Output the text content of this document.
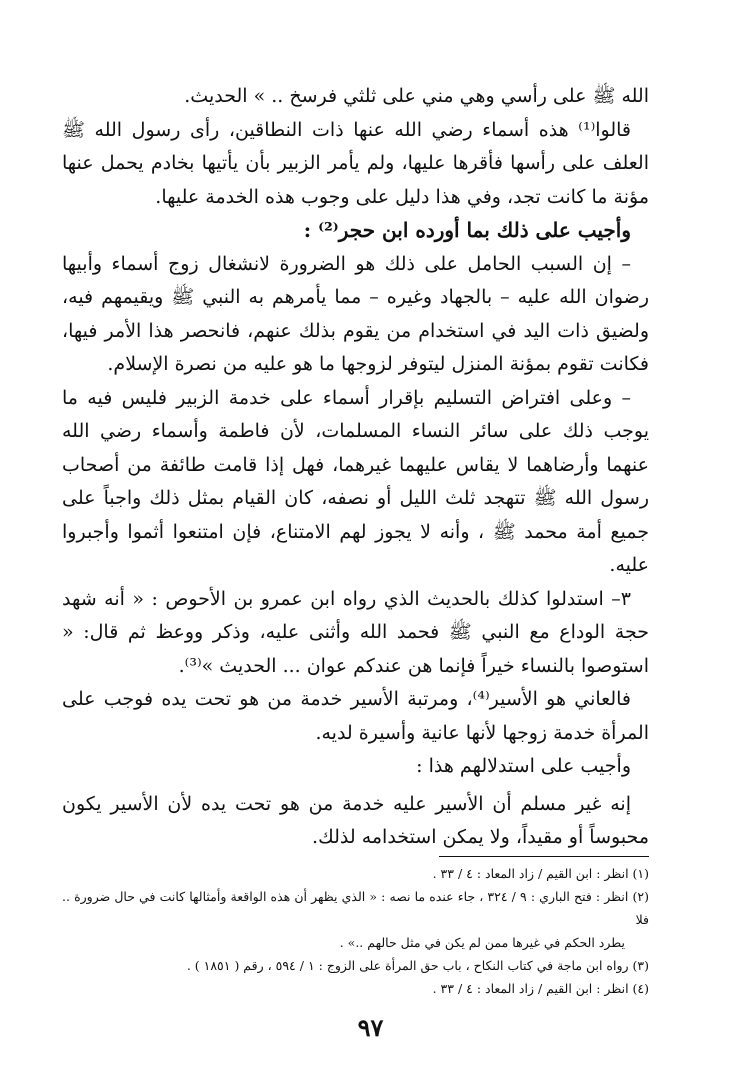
الله ﷺ على رأسي وهي مني على ثلثي فرسخ .. » الحديث.

قالوا⁽¹⁾ هذه أسماء رضي الله عنها ذات النطاقين، رأى رسول الله ﷺ العلف على رأسها فأقرها عليها، ولم يأمر الزبير بأن يأتيها بخادم يحمل عنها مؤنة ما كانت تجد، وفي هذا دليل على وجوب هذه الخدمة عليها.

وأجيب على ذلك بما أورده ابن حجر⁽²⁾ :

– إن السبب الحامل على ذلك هو الضرورة لانشغال زوج أسماء وأبيها رضوان الله عليه – بالجهاد وغيره – مما يأمرهم به النبي ﷺ ويقيمهم فيه، ولضيق ذات اليد في استخدام من يقوم بذلك عنهم، فانحصر هذا الأمر فيها، فكانت تقوم بمؤنة المنزل ليتوفر لزوجها ما هو عليه من نصرة الإسلام.

– وعلى افتراض التسليم بإقرار أسماء على خدمة الزبير فليس فيه ما يوجب ذلك على سائر النساء المسلمات، لأن فاطمة وأسماء رضي الله عنهما وأرضاهما لا يقاس عليهما غيرهما، فهل إذا قامت طائفة من أصحاب رسول الله ﷺ تتهجد ثلث الليل أو نصفه، كان القيام بمثل ذلك واجباً على جميع أمة محمد ﷺ ، وأنه لا يجوز لهم الامتناع، فإن امتنعوا أثموا وأجبروا عليه.

٣– استدلوا كذلك بالحديث الذي رواه ابن عمرو بن الأحوص : « أنه شهد حجة الوداع مع النبي ﷺ فحمد الله وأثنى عليه، وذكر ووعظ ثم قال: « استوصوا بالنساء خيراً فإنما هن عندكم عوان ... الحديث »⁽³⁾.

فالعاني هو الأسير⁽⁴⁾، ومرتبة الأسير خدمة من هو تحت يده فوجب على المرأة خدمة زوجها لأنها عانية وأسيرة لديه.

وأجيب على استدلالهم هذا :

إنه غير مسلم أن الأسير عليه خدمة من هو تحت يده لأن الأسير يكون محبوساً أو مقيداً، ولا يمكن استخدامه لذلك.

(١) انظر : ابن القيم / زاد المعاد : ٤ / ٣٣ .

(٢) انظر : فتح الباري : ٩ / ٣٢٤ ، جاء عنده ما نصه : « الذي يظهر أن هذه الواقعة وأمثالها كانت في حال ضرورة .. فلا

يطرد الحكم في غيرها ممن لم يكن في مثل حالهم ..» .

(٣) رواه ابن ماجة في كتاب النكاح ، باب حق المرأة على الزوج : ١ / ٥٩٤ ، رقم ( ١٨٥١ ) .

(٤) انظر : ابن القيم / زاد المعاد : ٤ / ٣٣ .

٩٧
